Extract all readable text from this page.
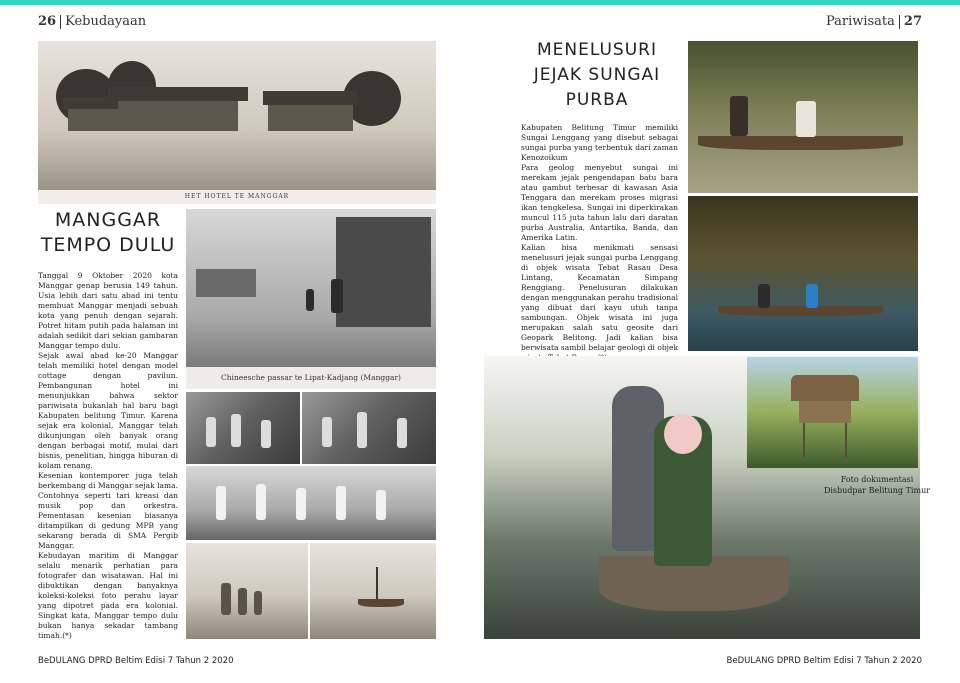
26 Kebudayaan	Pariwisata 27
HET HOTEL TE MANGGAR
MANGGAR
TEMPO DULU
Chineesche passar te Lipat-Kadjang (Manggar)

Tanggal 9 Oktober 2020 kota Manggar genap berusia 149 tahun. Usia lebih dari satu abad ini tentu membuat Manggar menjadi sebuah kota yang penuh dengan sejarah. Potret hitam putih pada halaman ini adalah sedikit dari sekian gambaran Manggar tempo dulu.

Sejak awal abad ke-20 Manggar telah memiliki hotel dengan model cottage dengan pavilun. Pembangunan hotel ini menunjukkan bahwa sektor pariwisata bukanlah hal baru bagi Kabupaten belitung Timur. Karena sejak era kolonial, Manggar telah dikunjungan oleh banyak orang dengan berbagai motif, mulai dari bisnis, penelitian, hingga hiburan di kolam renang.

Kesenian kontemporer juga telah berkembang di Manggar sejak lama. Contohnya seperti tari kreasi dan musik pop dan orkestra. Pementasan kesenian biasanya ditampilkan di gedung MPB yang sekarang berada di SMA Pergib Manggar.

Kebudayan maritim di Manggar selalu menarik perhatian para fotografer dan wisatawan. Hal ini dibuktikan dengan banyaknya koleksi-koleksi foto perahu layar yang dipotret pada era kolonial. Singkat kata, Manggar tempo dulu bukan hanya sekadar tambang timah.(*)

MENELUSURI
JEJAK SUNGAI
PURBA

Kabupaten Belitung Timur memiliki Sungai Lenggang yang disebut sebagai sungai purba yang terbentuk dari zaman Kenozoikum

Para geolog menyebut sungai ini merekam jejak pengendapan batu bara atau gambut terbesar di kawasan Asia Tenggara dan merekam proses migrasi ikan tengkelesa. Sungai ini diperkirakan muncul 115 juta tahun lalu dari daratan purba Australia, Antartika, Banda, dan Amerika Latin.

Kalian bisa menikmati sensasi menelusuri jejak sungai purba Lenggang di objek wisata Tebat Rasau Desa Lintang, Kecamatan Simpang Renggiang. Penelusuran dilakukan dengan menggunakan perahu tradisional yang dibuat dari kayu utuh tanpa sambungan. Objek wisata ini juga merupakan salah satu geosite dari Geopark Belitong. Jadi kalian bisa berwisata sambil belajar geologi di objek

Foto dokumentasi
Disbudpar Belitung Timur
BeDULANG DPRD Beltim Edisi 7 Tahun 2 2020	BeDULANG DPRD Beltim Edisi 7 Tahun 2 2020
